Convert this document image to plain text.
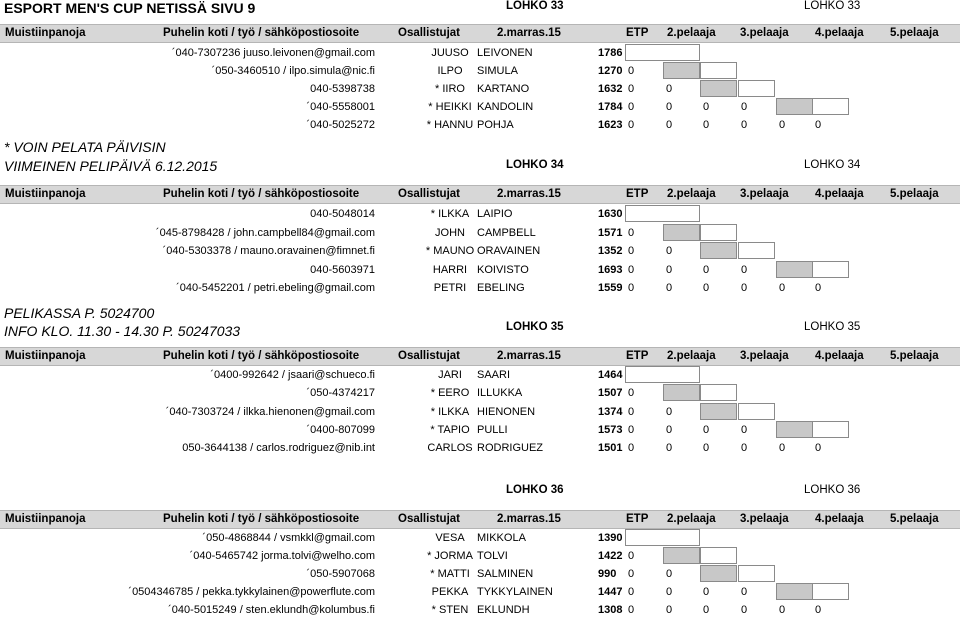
ESPORT MEN'S CUP NETISSÄ SIVU 9
* VOIN PELATA PÄIVISIN
VIIMEINEN PELIPÄIVÄ 6.12.2015
PELIKASSA P. 5024700
INFO KLO. 11.30 - 14.30 P. 50247033
LOHKO 33	LOHKO 33
Muistiinpanoja	Puhelin koti / työ / sähköpostiosoite	Osallistujat	2.marras.15	ETP 2.pelaaja 3.pelaaja 4.pelaaja 5.pelaaja
´040-7307236 juuso.leivonen@gmail.com	JUUSO LEIVONEN	1786
´050-3460510 / ilpo.simula@nic.fi	ILPO SIMULA	1270 0
040-5398738	* IIRO KARTANO	1632 0	0
´040-5558001	* HEIKKI KANDOLIN	1784 0	0	0	0
´040-5025272	* HANNU POHJA	1623 0	0	0	0	0	0
LOHKO 34	LOHKO 34
Muistiinpanoja	Puhelin koti / työ / sähköpostiosoite	Osallistujat	2.marras.15	ETP 2.pelaaja 3.pelaaja 4.pelaaja 5.pelaaja
040-5048014	* ILKKA LAIPIO	1630
´045-8798428 / john.campbell84@gmail.com	JOHN CAMPBELL	1571 0
´040-5303378 / mauno.oravainen@fimnet.fi	* MAUNO ORAVAINEN	1352 0	0
040-5603971	HARRI KOIVISTO	1693 0	0	0	0
´040-5452201 / petri.ebeling@gmail.com	PETRI EBELING	1559 0	0	0	0	0	0
LOHKO 35	LOHKO 35
Muistiinpanoja	Puhelin koti / työ / sähköpostiosoite	Osallistujat	2.marras.15	ETP 2.pelaaja 3.pelaaja 4.pelaaja 5.pelaaja
´0400-992642 / jsaari@schueco.fi	JARI SAARI	1464
´050-4374217	* EERO ILLUKKA	1507 0
´040-7303724 / ilkka.hienonen@gmail.com	* ILKKA HIENONEN	1374 0	0
´0400-807099	* TAPIO PULLI	1573 0	0	0	0
050-3644138 / carlos.rodriguez@nib.int	CARLOS RODRIGUEZ	1501 0	0	0	0	0	0
LOHKO 36	LOHKO 36
Muistiinpanoja	Puhelin koti / työ / sähköpostiosoite	Osallistujat	2.marras.15	ETP 2.pelaaja 3.pelaaja 4.pelaaja 5.pelaaja
´050-4868844 / vsmkkl@gmail.com	VESA MIKKOLA	1390
´040-5465742 jorma.tolvi@welho.com	* JORMA TOLVI	1422 0
´050-5907068	* MATTI SALMINEN	990 0	0
´0504346785 / pekka.tykkylainen@powerflute.com	PEKKA TYKKYLAINEN	1447 0	0	0	0
´040-5015249 / sten.eklundh@kolumbus.fi	* STEN EKLUNDH	1308 0	0	0	0	0	0
